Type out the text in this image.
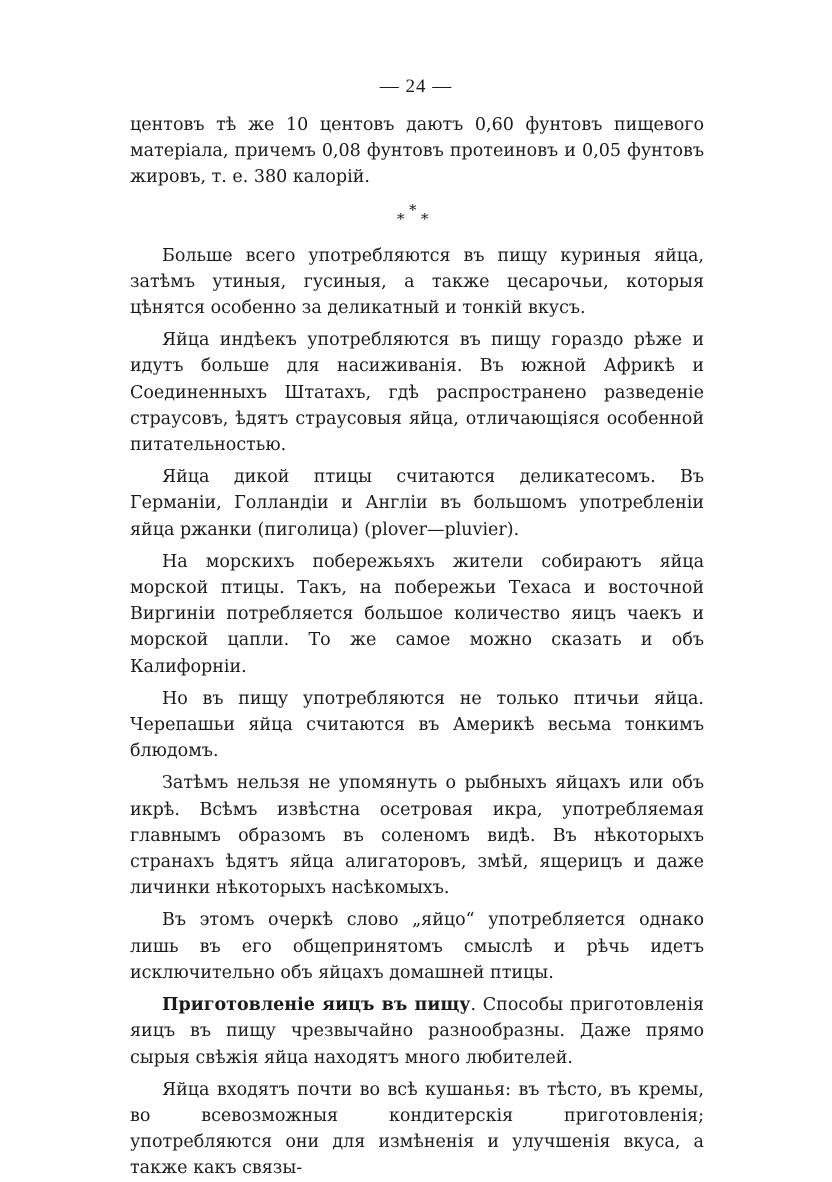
— 24 —

центовъ тѣ же 10 центовъ даютъ 0,60 фунтовъ пищевого матеріала, причемъ 0,08 фунтовъ протеиновъ и 0,05 фунтовъ жировъ, т. е. 380 калорій.

*
* *

Больше всего употребляются въ пищу куриныя яйца, затѣмъ утиныя, гусиныя, а также цесарочьи, которыя цѣнятся особенно за деликатный и тонкій вкусъ.

Яйца индѣекъ употребляются въ пищу гораздо рѣже и идутъ больше для насиживанія. Въ южной Африкѣ и Соединенныхъ Штатахъ, гдѣ распространено разведеніе страусовъ, ѣдятъ страусовыя яйца, отличающіяся особенной питательностью.

Яйца дикой птицы считаются деликатесомъ. Въ Германіи, Голландіи и Англіи въ большомъ употребленіи яйца ржанки (пиголица) (plover—pluvier).

На морскихъ побережьяхъ жители собираютъ яйца морской птицы. Такъ, на побережьи Техаса и восточной Виргиніи потребляется большое количество яицъ чаекъ и морской цапли. То же самое можно сказать и объ Калифорніи.

Но въ пищу употребляются не только птичьи яйца. Черепашьи яйца считаются въ Америкѣ весьма тонкимъ блюдомъ.

Затѣмъ нельзя не упомянуть о рыбныхъ яйцахъ или объ икрѣ. Всѣмъ извѣстна осетровая икра, употребляемая главнымъ образомъ въ соленомъ видѣ. Въ нѣкоторыхъ странахъ ѣдятъ яйца алигаторовъ, змѣй, ящерицъ и даже личинки нѣкоторыхъ насѣкомыхъ.

Въ этомъ очеркѣ слово „яйцо“ употребляется однако лишь въ его общепринятомъ смыслѣ и рѣчь идетъ исключительно объ яйцахъ домашней птицы.

Приготовленіе яицъ въ пищу. Способы приготовленія яицъ въ пищу чрезвычайно разнообразны. Даже прямо сырыя свѣжія яйца находятъ много любителей.

Яйца входятъ почти во всѣ кушанья: въ тѣсто, въ кремы, во всевозможныя кондитерскія приготовленія; употребляются они для измѣненія и улучшенія вкуса, а также какъ связы-
